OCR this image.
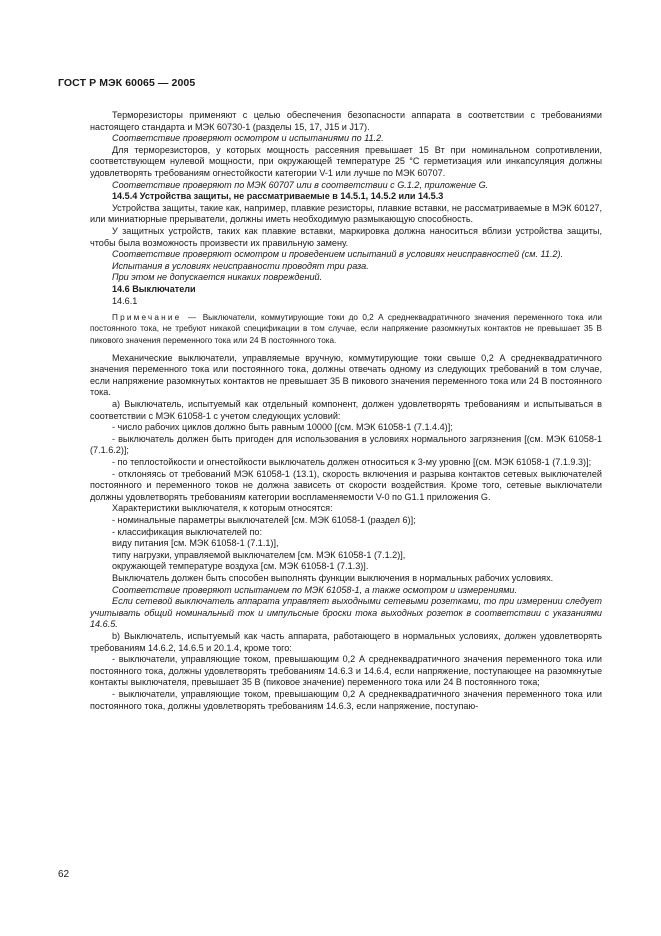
ГОСТ Р МЭК 60065 — 2005

Терморезисторы применяют с целью обеспечения безопасности аппарата в соответствии с требованиями настоящего стандарта и МЭК 60730-1 (разделы 15, 17, J15 и J17).

Соответствие проверяют осмотром и испытаниями по 11.2.

Для терморезисторов, у которых мощность рассеяния превышает 15 Вт при номинальном сопротивлении, соответствующем нулевой мощности, при окружающей температуре 25 °С герметизация или инкапсуляция должны удовлетворять требованиям огнестойкости категории V-1 или лучше по МЭК 60707.

Соответствие проверяют по МЭК 60707 или в соответствии с G.1.2, приложение G.

14.5.4 Устройства защиты, не рассматриваемые в 14.5.1, 14.5.2 или 14.5.3

Устройства защиты, такие как, например, плавкие резисторы, плавкие вставки, не рассматриваемые в МЭК 60127, или миниатюрные прерыватели, должны иметь необходимую размыкающую способность.

У защитных устройств, таких как плавкие вставки, маркировка должна наноситься вблизи устройства защиты, чтобы была возможность произвести их правильную замену.

Соответствие проверяют осмотром и проведением испытаний в условиях неисправностей (см. 11.2).

Испытания в условиях неисправности проводят три раза.

При этом не допускается никаких повреждений.

14.6 Выключатели

14.6.1

Примечание — Выключатели, коммутирующие токи до 0,2 А среднеквадратичного значения переменного тока или постоянного тока, не требуют никакой спецификации в том случае, если напряжение разомкнутых контактов не превышает 35 В пикового значения переменного тока или 24 В постоянного тока.

Механические выключатели, управляемые вручную, коммутирующие токи свыше 0,2 А среднеквадратичного значения переменного тока или постоянного тока, должны отвечать одному из следующих требований в том случае, если напряжение разомкнутых контактов не превышает 35 В пикового значения переменного тока или 24 В постоянного тока.

а) Выключатель, испытуемый как отдельный компонент, должен удовлетворять требованиям и испытываться в соответствии с МЭК 61058-1 с учетом следующих условий:

- число рабочих циклов должно быть равным 10000 [(см. МЭК 61058-1 (7.1.4.4)];

- выключатель должен быть пригоден для использования в условиях нормального загрязнения [(см. МЭК 61058-1 (7.1.6.2)];

- по теплостойкости и огнестойкости выключатель должен относиться к 3-му уровню [(см. МЭК 61058-1 (7.1.9.3)];

- отклоняясь от требований МЭК 61058-1 (13.1), скорость включения и разрыва контактов сетевых выключателей постоянного и переменного токов не должна зависеть от скорости воздействия. Кроме того, сетевые выключатели должны удовлетворять требованиям категории воспламеняемости V-0 по G1.1 приложения G.

Характеристики выключателя, к которым относятся:

- номинальные параметры выключателей [см. МЭК 61058-1 (раздел 6)];

- классификация выключателей по:

виду питания [см. МЭК 61058-1 (7.1.1)],

типу нагрузки, управляемой выключателем [см. МЭК 61058-1 (7.1.2)],

окружающей температуре воздуха [см. МЭК 61058-1 (7.1.3)].

Выключатель должен быть способен выполнять функции выключения в нормальных рабочих условиях.

Соответствие проверяют испытанием по МЭК 61058-1, а также осмотром и измерениями.

Если сетевой выключатель аппарата управляет выходными сетевыми розетками, то при измерении следует учитывать общий номинальный ток и импульсные броски тока выходных розеток в соответствии с указаниями 14.6.5.

b) Выключатель, испытуемый как часть аппарата, работающего в нормальных условиях, должен удовлетворять требованиям 14.6.2, 14.6.5 и 20.1.4, кроме того:

- выключатели, управляющие током, превышающим 0,2 А среднеквадратичного значения переменного тока или постоянного тока, должны удовлетворять требованиям 14.6.3 и 14.6.4, если напряжение, поступающее на разомкнутые контакты выключателя, превышает 35 В (пиковое значение) переменного тока или 24 В постоянного тока;

- выключатели, управляющие током, превышающим 0,2 А среднеквадратичного значения переменного тока или постоянного тока, должны удовлетворять требованиям 14.6.3, если напряжение, поступаю-

62
